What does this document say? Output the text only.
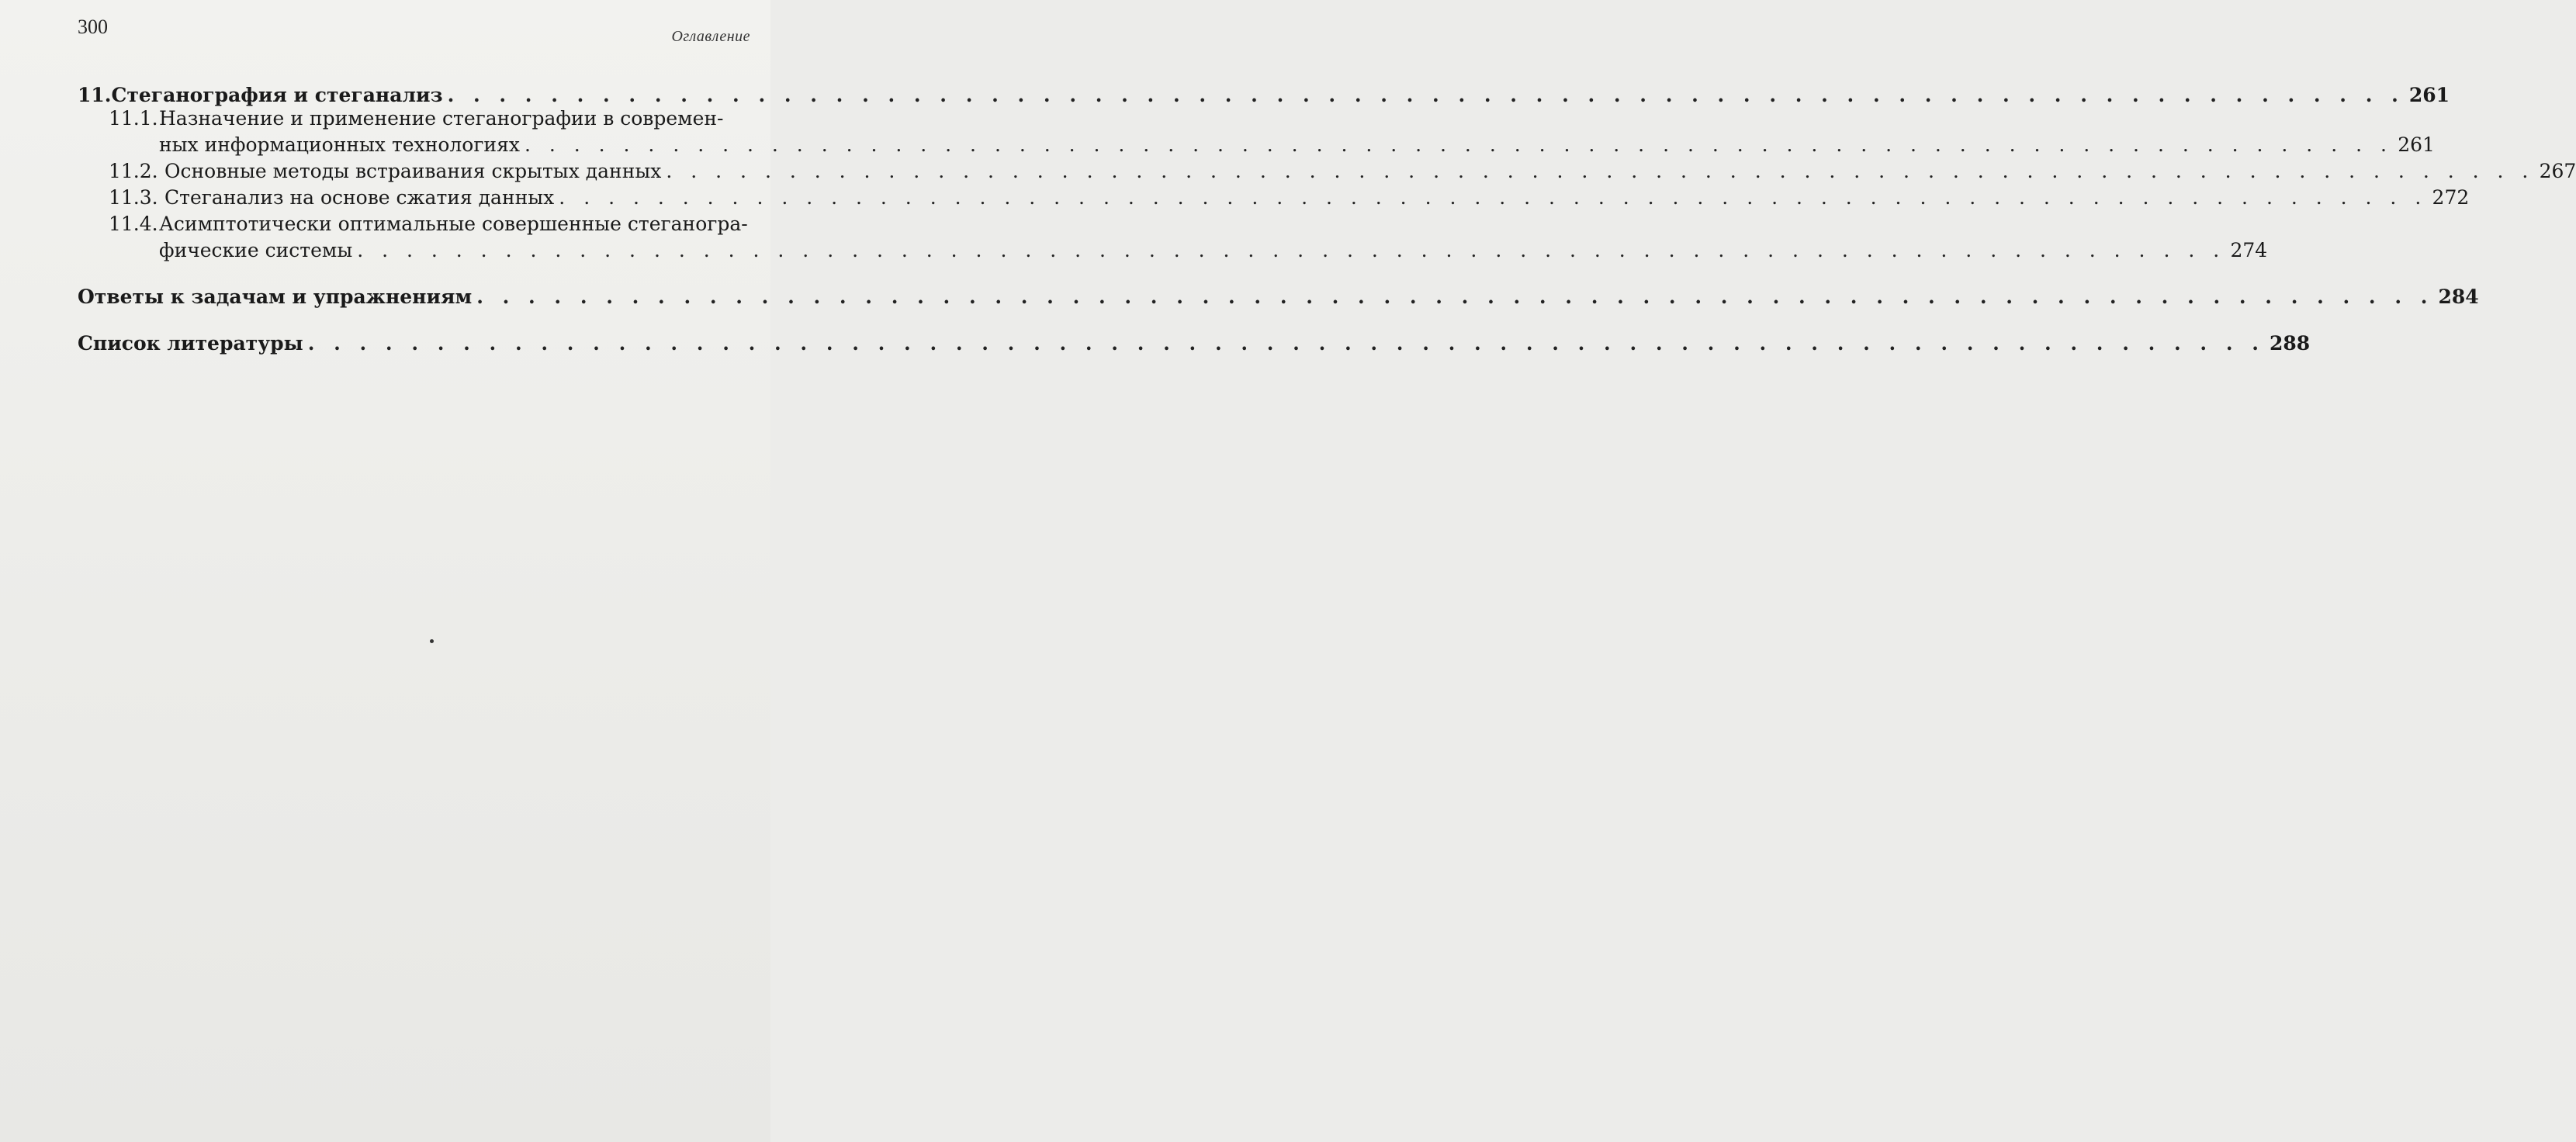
300	Оглавление
11. Стеганография и стеганализ . . .	261
11.1. Назначение и применение стеганографии в современ-
ных информационных технологиях . . .	261
11.2. Основные методы встраивания скрытых данных . . .	267
11.3. Стеганализ на основе сжатия данных . . .	272
11.4. Асимптотически оптимальные совершенные стеганогра-
фические системы . . .	274
Ответы к задачам и упражнениям . . .	284
Список литературы . . .	288
